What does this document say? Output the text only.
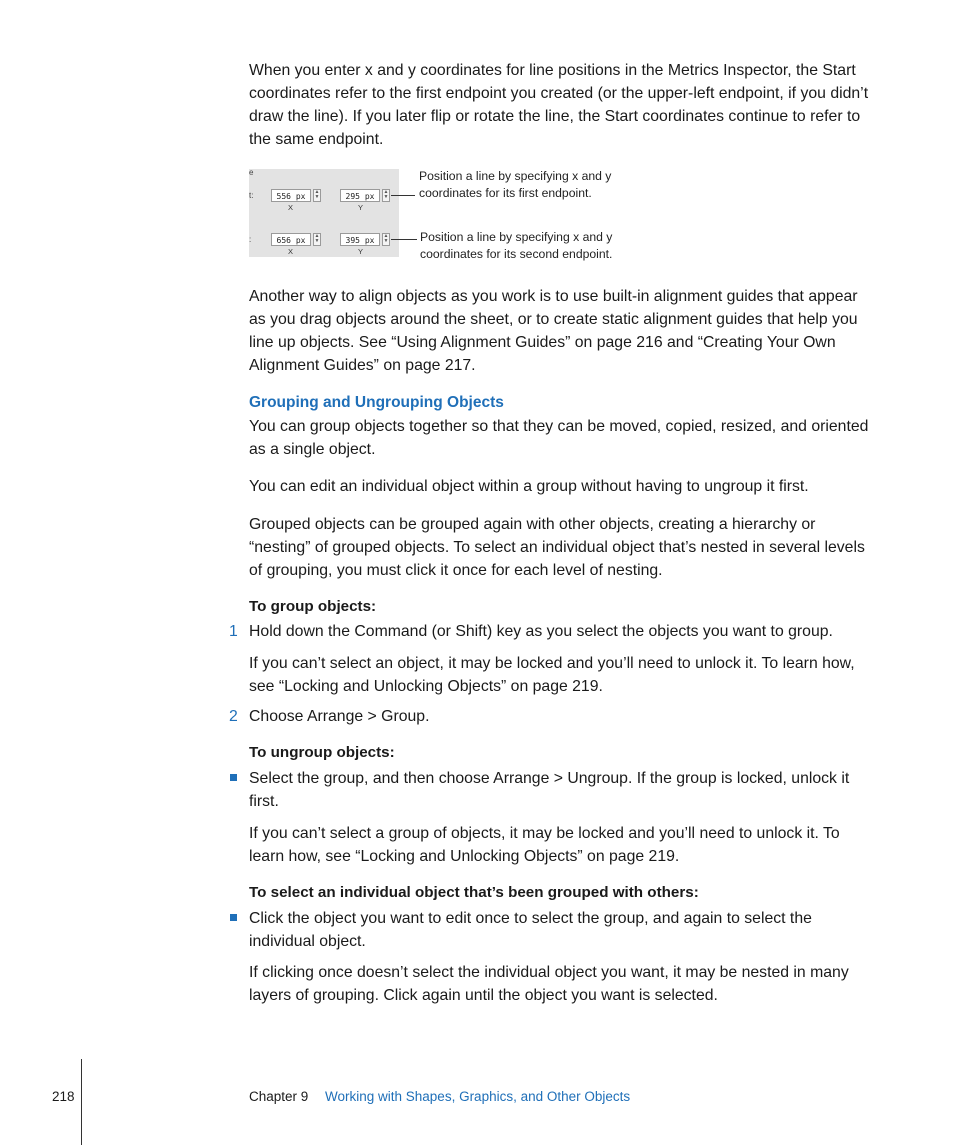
When you enter x and y coordinates for line positions in the Metrics Inspector, the Start coordinates refer to the first endpoint you created (or the upper-left endpoint, if you didn’t draw the line). If you later flip or rotate the line, the Start coordinates continue to refer to the same endpoint.

e
t:	556 px	▲
▼	295 px	▲
▼
X	Y
:	656 px	▲
▼	395 px	▲
▼
X	Y

Position a line by specifying x and y coordinates for its first endpoint.

Position a line by specifying x and y coordinates for its second endpoint.

Another way to align objects as you work is to use built-in alignment guides that appear as you drag objects around the sheet, or to create static alignment guides that help you line up objects. See “Using Alignment Guides” on page 216 and “Creating Your Own Alignment Guides” on page 217.

Grouping and Ungrouping Objects

You can group objects together so that they can be moved, copied, resized, and oriented as a single object.

You can edit an individual object within a group without having to ungroup it first.

Grouped objects can be grouped again with other objects, creating a hierarchy or “nesting” of grouped objects. To select an individual object that’s nested in several levels of grouping, you must click it once for each level of nesting.

To group objects:
1 Hold down the Command (or Shift) key as you select the objects you want to group.

If you can’t select an object, it may be locked and you’ll need to unlock it. To learn how, see “Locking and Unlocking Objects” on page 219.

2 Choose Arrange > Group.

To ungroup objects:

Select the group, and then choose Arrange > Ungroup. If the group is locked, unlock it first.

If you can’t select a group of objects, it may be locked and you’ll need to unlock it. To learn how, see “Locking and Unlocking Objects” on page 219.

To select an individual object that’s been grouped with others:

Click the object you want to edit once to select the group, and again to select the individual object.

If clicking once doesn’t select the individual object you want, it may be nested in many layers of grouping. Click again until the object you want is selected.

218	Chapter 9 Working with Shapes, Graphics, and Other Objects
